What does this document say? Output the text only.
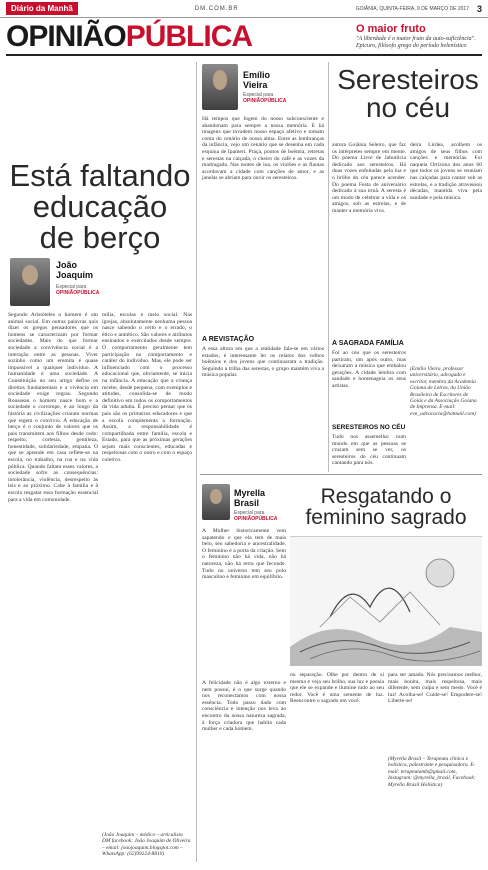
Diário da Manhã	DM.COM.BR	GOIÂNIA, QUINTA-FEIRA, 9 DE MARÇO DE 2017 3
OPINIÃOPÚBLICA	O maior fruto
"A liberdade é o maior fruto da auto-suficiência". Epicuro, filósofo grego do período helenístico
Está faltando
educação
de berço
João
Joaquim
Especial para
OPINIÃOPÚBLICA
Segundo Aristóteles o homem é um animal social. Em outras palavras quis dizer os gregos pensadores que os homens se caracterizam por formar sociedades. Mais do que formar sociedade a convivência social é a interação entre as pessoas. Viver sozinho como um eremita é quase impossível a qualquer indivíduo. A humanidade é uma sociedade. A Constituição no seu artigo define os direitos fundamentais e a vivência em sociedade exige regras. Segundo Rousseau o homem nasce bom e a sociedade o corrompe, e ao longo da história as civilizações criaram normas que regem o convívio. A educação de berço é o conjunto de valores que os pais transmitem aos filhos desde cedo: respeito, cortesia, gentileza, honestidade, solidariedade, empatia. O que se aprende em casa reflete-se na escola, no trabalho, na rua e na vida pública. Quando faltam esses valores, a sociedade sofre as consequências: intolerância, violência, desrespeito às leis e ao próximo. Cabe à família e à escola resgatar essa formação essencial para a vida em comunidade.
mília, escolas e meio social. Nas igrejas, absolutamente nenhuma pessoa nasce sabendo o certo e o errado, o ético e antiético. São valores e atributos ensinados e exercitados desde sempre. O comportamento geralmente tem participação no comportamento e caráter do indivíduo. Mas, ele pode ser influenciado com o processo educacional que, obviamente, se inicia na infância. A educação que a criança recebe, desde pequena, com exemplos e atitudes, consolida-se de modo definitivo em todos os comportamentos da vida adulta. É preciso pensar que os pais são os primeiros educadores e que a escola complementa a formação. Assim, a responsabilidade é compartilhada entre família, escola e Estado, para que as próximas gerações sejam mais conscientes, educadas e respeitosas com o outro e com o espaço coletivo.
(João Joaquim – médico – articulista DM facebook: João Joaquim de Oliveira – email: joaojoaquim.blogspot.com – WhatsApp: (62)99224-8810)
Emílio
Vieira
Especial para
OPINIÃOPÚBLICA
Seresteiros
no céu
Há tempos que fogem do nosso subconsciente e abandonam para sempre a nossa memória. E há imagens que invadem nosso espaço afetivo e tomam conta do cenário de nossa alma. Entre as lembranças da infância, vejo um cenário que se desenha em cada esquina de Ipameri. Praça, pontos de boêmia, retretas e serestas na calçada, o cheiro do café e as vozes da madrugada. Nas noites de lua, os violões e as flautas acordavam a cidade com canções de amor, e as janelas se abriam para ouvir os seresteiros.
A REVISTAÇÃO
A essa altura em que a realidade fala-se em vários estados, é interessante ler os relatos dos velhos boêmios e dos jovens que continuaram a tradição. Seguindo a trilha das serestas, o grupo mantém viva a música popular.
autora Goiânia Seleiro, que faz os intérpretes sempre em mente. Do poema Livre de Jabutilcia dedicado aos seresteiros. Há duas vozes enfeitadas pela lua e o brilho do céu parece acender. Do poema Festa de aniversário dedicado à sua irmã. A seresta é um modo de celebrar a vida e os amigos, sob as estrelas, e de manter a memória viva.
A SAGRADA FAMÍLIA
Foi ao céu que os seresteiros partiram, um após outro, mas deixaram a música que embalou gerações. A cidade lembra com saudade e homenageia os seus artistas.
SERESTEIROS NO CÉU
Tudo nos assemelha: num mundo em que as pessoas se cruzam sem se ver, os seresteiros do céu continuam cantando para nós.
deira Lírdea, acolhem os amigos de seus filhos com canções e memórias. Foi naquela Ortizona dos anos 60 que todos os jovens se reuniam nas calçadas para cantar sob as estrelas, e a tradição atravessou décadas, mantida viva pela saudade e pela música.
(Emílio Vieira, professor universitário, advogado e escritor, membro da Academia Goiana de Letras, da União Brasileira de Escritores de Goiás e da Associação Goiana de Imprensa. E-mail: evn_advocacia@hotmail.com)
Myrella
Brasil
Especial para
OPINIÃOPÚBLICA
Resgatando o
feminino sagrado
A Mulher historicamente vem sapatendo o que ela tem de mais belo, seu sabedoria e ancestralidade. O feminino é a porta da criação. Sem o feminino não há vida, não há natureza, não há terra que fecunde. Tudo no universo tem seu polo masculino e feminino em equilíbrio.
A felicidade não é algo externo e nem possuí, é o que surge quando nos reconectamos com nossa essência. Todo passo dado com consciência e intenção nos leva ao encontro da nossa natureza sagrada, à força criadora que habita cada mulher e cada homem.
ou separação. Olhe por dentro de si mesma e veja seu brilho, sua luz e poesia que ele se expande e ilumine tudo ao seu redor. Você é uma semente de luz. Reencontre o sagrado em você.
para ser amada. Nós precisamos melhor, mais bonita, mais respeitosa, mais diferente, sem culpa e sem medo. Você é luz! Acolha-se! Cuide-se! Empodere-se! Liberte-se!
(Myrella Brasil – Terapeuta clínica e holística, palestrante e pesquisadora. E-mail: terapeutamb@gmail.com, Instagram: @myrella_brasil, Facebook: Myrella Brasil Holística)
